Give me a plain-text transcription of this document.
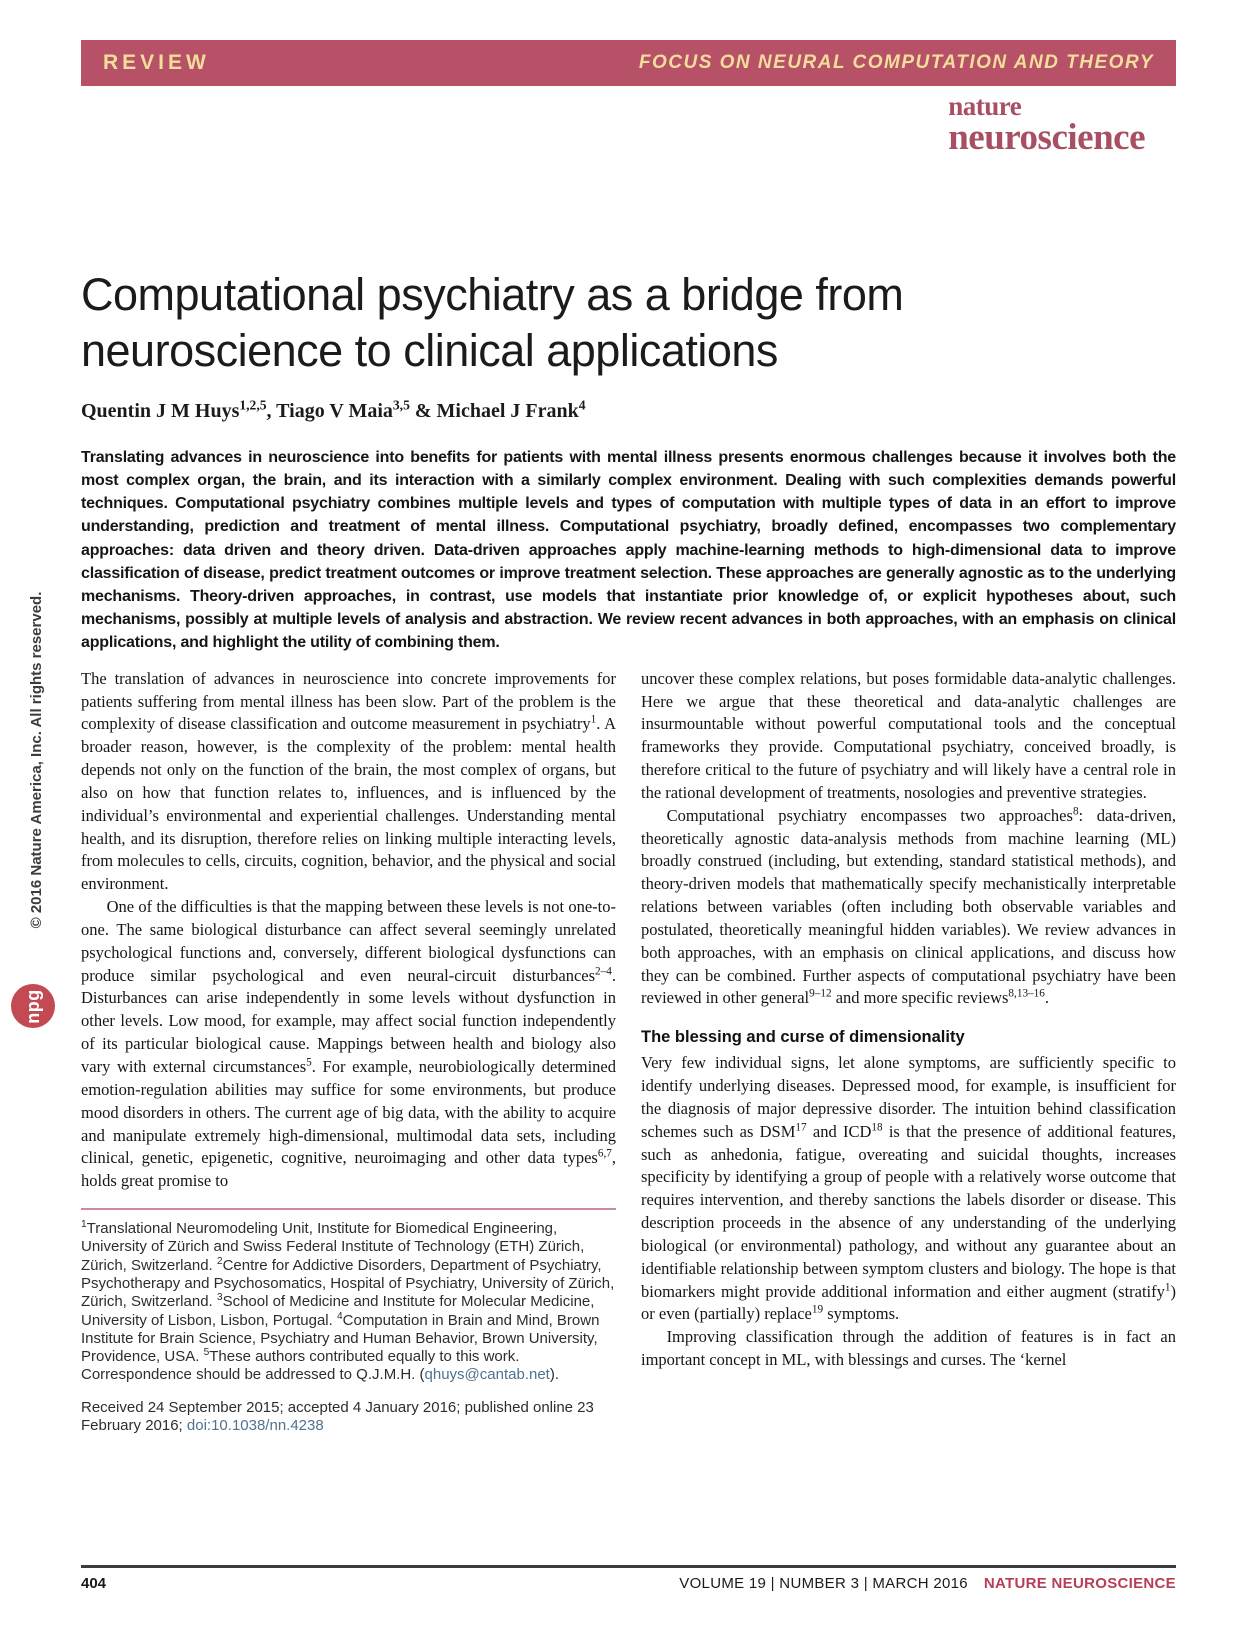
© 2016 Nature America, Inc. All rights reserved.
npg
REVIEW	FOCUS ON NEURAL COMPUTATION AND THEORY
nature
neuroscience
Computational psychiatry as a bridge from
neuroscience to clinical applications
Quentin J M Huys$^{1,2,5}$, Tiago V Maia$^{3,5}$ & Michael J Frank$^4$
Translating advances in neuroscience into benefits for patients with mental illness presents enormous challenges because it involves both the most complex organ, the brain, and its interaction with a similarly complex environment. Dealing with such complexities demands powerful techniques. Computational psychiatry combines multiple levels and types of computation with multiple types of data in an effort to improve understanding, prediction and treatment of mental illness. Computational psychiatry, broadly defined, encompasses two complementary approaches: data driven and theory driven. Data-driven approaches apply machine-learning methods to high-dimensional data to improve classification of disease, predict treatment outcomes or improve treatment selection. These approaches are generally agnostic as to the underlying mechanisms. Theory-driven approaches, in contrast, use models that instantiate prior knowledge of, or explicit hypotheses about, such mechanisms, possibly at multiple levels of analysis and abstraction. We review recent advances in both approaches, with an emphasis on clinical applications, and highlight the utility of combining them.

The translation of advances in neuroscience into concrete improvements for patients suffering from mental illness has been slow. Part of the problem is the complexity of disease classification and outcome measurement in psychiatry$^1$. A broader reason, however, is the complexity of the problem: mental health depends not only on the function of the brain, the most complex of organs, but also on how that function relates to, influences, and is influenced by the individual’s environmental and experiential challenges. Understanding mental health, and its disruption, therefore relies on linking multiple interacting levels, from molecules to cells, circuits, cognition, behavior, and the physical and social environment.

One of the difficulties is that the mapping between these levels is not one-to-one. The same biological disturbance can affect several seemingly unrelated psychological functions and, conversely, different biological dysfunctions can produce similar psychological and even neural-circuit disturbances$^{2-4}$. Disturbances can arise independently in some levels without dysfunction in other levels. Low mood, for example, may affect social function independently of its particular biological cause. Mappings between health and biology also vary with external circumstances$^5$. For example, neurobiologically determined emotion-regulation abilities may suffice for some environments, but produce mood disorders in others. The current age of big data, with the ability to acquire and manipulate extremely high-dimensional, multimodal data sets, including clinical, genetic, epigenetic, cognitive, neuroimaging and other data types$^{6,7}$, holds great promise to

$^1$Translational Neuromodeling Unit, Institute for Biomedical Engineering, University of Zürich and Swiss Federal Institute of Technology (ETH) Zürich, Zürich, Switzerland. $^2$Centre for Addictive Disorders, Department of Psychiatry, Psychotherapy and Psychosomatics, Hospital of Psychiatry, University of Zürich, Zürich, Switzerland. $^3$School of Medicine and Institute for Molecular Medicine, University of Lisbon, Lisbon, Portugal. $^4$Computation in Brain and Mind, Brown Institute for Brain Science, Psychiatry and Human Behavior, Brown University, Providence, USA. $^5$These authors contributed equally to this work. Correspondence should be addressed to Q.J.M.H. (qhuys@cantab.net).
Received 24 September 2015; accepted 4 January 2016; published online 23 February 2016; doi:10.1038/nn.4238

uncover these complex relations, but poses formidable data-analytic challenges. Here we argue that these theoretical and data-analytic challenges are insurmountable without powerful computational tools and the conceptual frameworks they provide. Computational psychiatry, conceived broadly, is therefore critical to the future of psychiatry and will likely have a central role in the rational development of treatments, nosologies and preventive strategies.

Computational psychiatry encompasses two approaches$^8$: data-driven, theoretically agnostic data-analysis methods from machine learning (ML) broadly construed (including, but extending, standard statistical methods), and theory-driven models that mathematically specify mechanistically interpretable relations between variables (often including both observable variables and postulated, theoretically meaningful hidden variables). We review advances in both approaches, with an emphasis on clinical applications, and discuss how they can be combined. Further aspects of computational psychiatry have been reviewed in other general$^{9-12}$ and more specific reviews$^{8,13-16}$.

The blessing and curse of dimensionality

Very few individual signs, let alone symptoms, are sufficiently specific to identify underlying diseases. Depressed mood, for example, is insufficient for the diagnosis of major depressive disorder. The intuition behind classification schemes such as DSM$^{17}$ and ICD$^{18}$ is that the presence of additional features, such as anhedonia, fatigue, overeating and suicidal thoughts, increases specificity by identifying a group of people with a relatively worse outcome that requires intervention, and thereby sanctions the labels disorder or disease. This description proceeds in the absence of any understanding of the underlying biological (or environmental) pathology, and without any guarantee about an identifiable relationship between symptom clusters and biology. The hope is that biomarkers might provide additional information and either augment (stratify$^1$) or even (partially) replace$^{19}$ symptoms.

Improving classification through the addition of features is in fact an important concept in ML, with blessings and curses. The ‘kernel

404	VOLUME 19 | NUMBER 3 | MARCH 2016 NATURE NEUROSCIENCE
